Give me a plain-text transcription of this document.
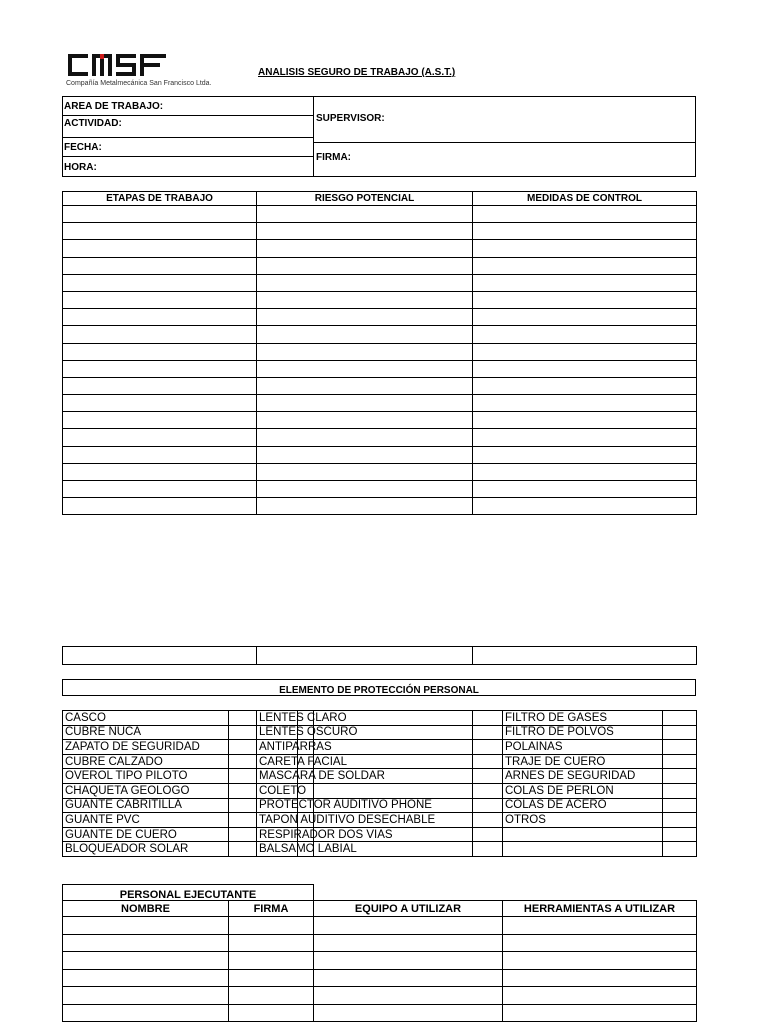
Compañía Metalmecánica San Francisco Ltda.
ANALISIS SEGURO DE TRABAJO (A.S.T.)
AREA DE TRABAJO:
ACTIVIDAD:
FECHA:
HORA:
SUPERVISOR:
FIRMA:
ETAPAS DE TRABAJO	RIESGO POTENCIAL	MEDIDAS DE CONTROL

ELEMENTO DE PROTECCIÓN PERSONAL
CASCO		LENTES CLARO		FILTRO DE GASES	
CUBRE NUCA		LENTES OSCURO		FILTRO DE POLVOS	
ZAPATO DE SEGURIDAD		ANTIPARRAS		POLAINAS	
CUBRE CALZADO		CARETA FACIAL		TRAJE DE CUERO	
OVEROL TIPO PILOTO		MASCARA DE SOLDAR		ARNES DE SEGURIDAD	
CHAQUETA GEOLOGO		COLETO		COLAS DE PERLON	
GUANTE CABRITILLA		PROTECTOR AUDITIVO PHONE		COLAS DE ACERO	
GUANTE PVC		TAPON AUDITIVO DESECHABLE		OTROS	
GUANTE DE CUERO		RESPIRADOR DOS VIAS			
BLOQUEADOR SOLAR		BALSAMO LABIAL			
PERSONAL EJECUTANTE
NOMBRE	FIRMA	EQUIPO A UTILIZAR	HERRAMIENTAS A UTILIZAR
